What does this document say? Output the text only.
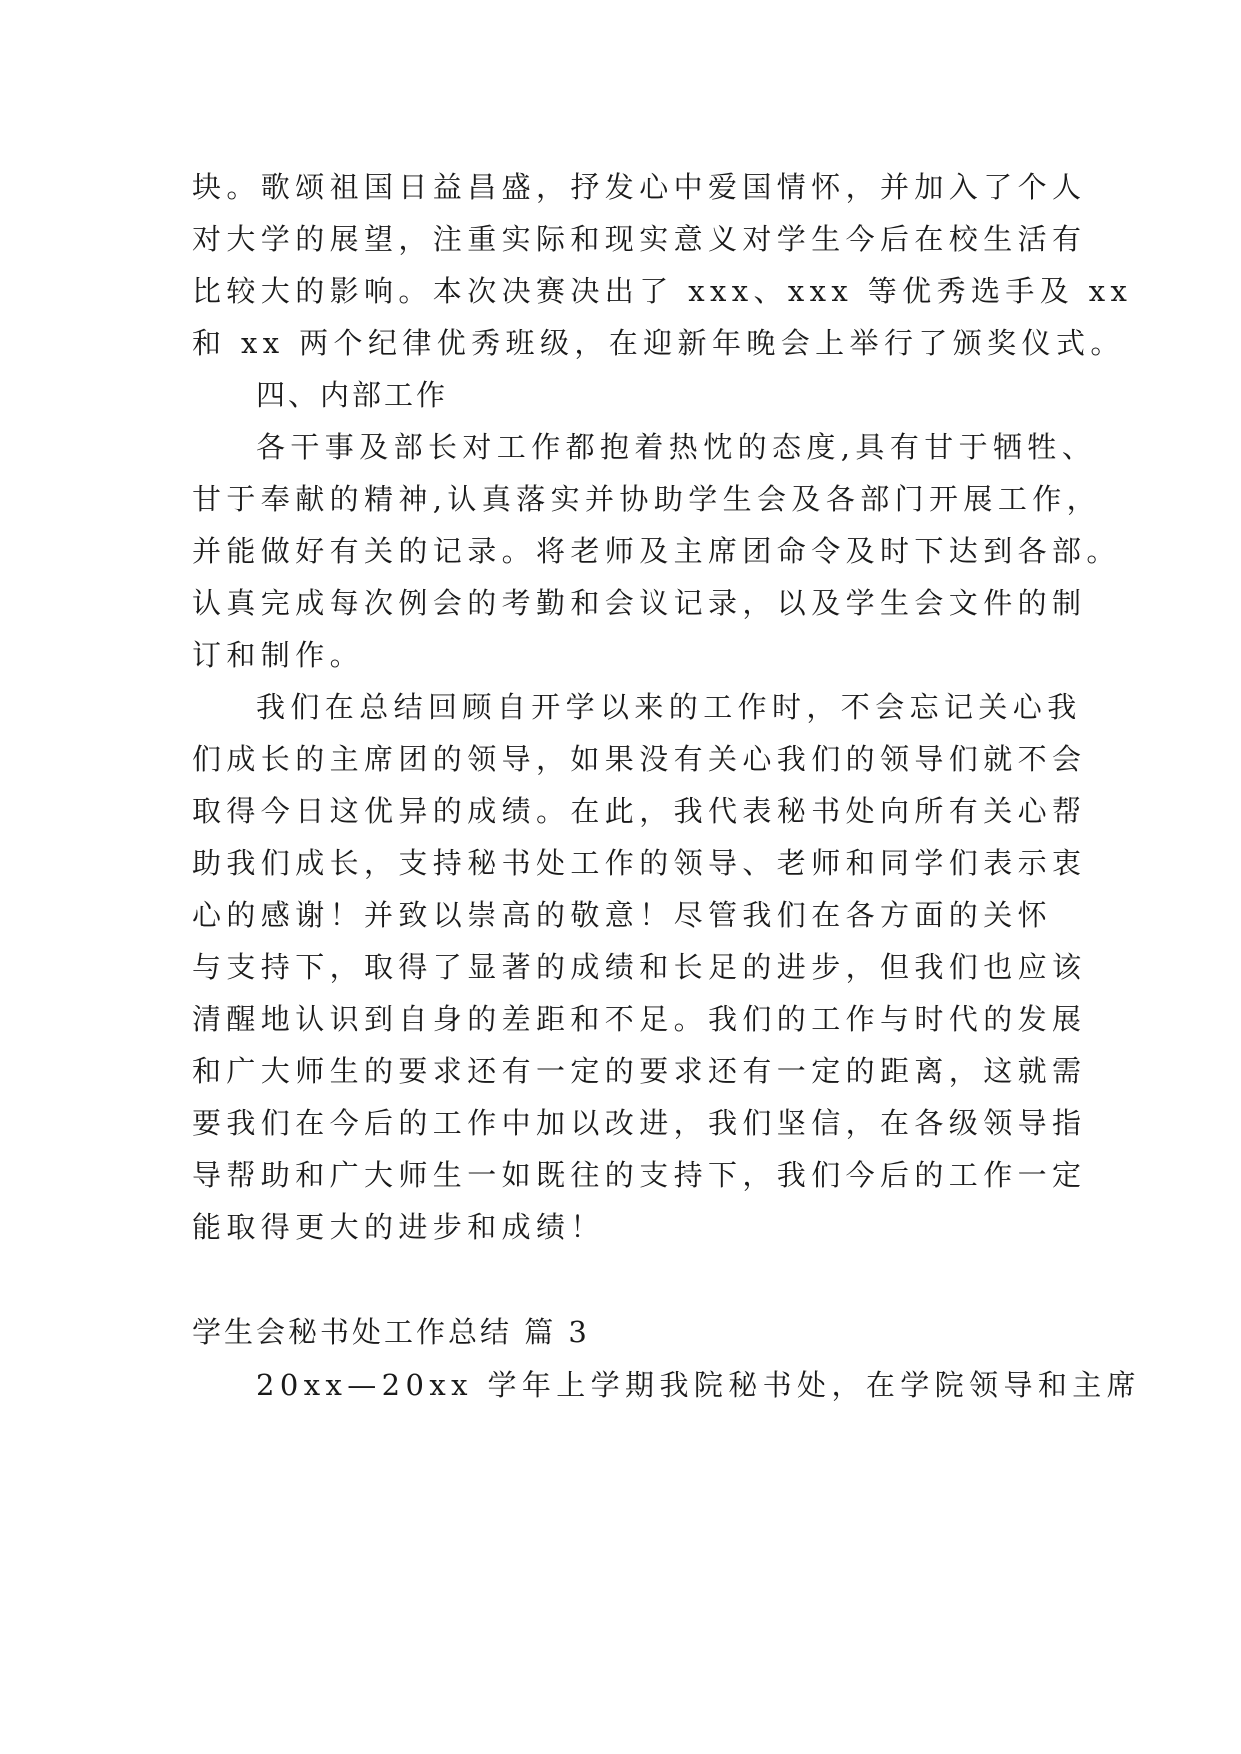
块。歌颂祖国日益昌盛，抒发心中爱国情怀，并加入了个人
对大学的展望，注重实际和现实意义对学生今后在校生活有
比较大的影响。本次决赛决出了 xxx、xxx 等优秀选手及 xx
和 xx 两个纪律优秀班级，在迎新年晚会上举行了颁奖仪式。
四、内部工作
各干事及部长对工作都抱着热忱的态度,具有甘于牺牲、
甘于奉献的精神,认真落实并协助学生会及各部门开展工作，
并能做好有关的记录。将老师及主席团命令及时下达到各部。
认真完成每次例会的考勤和会议记录，以及学生会文件的制
订和制作。
我们在总结回顾自开学以来的工作时，不会忘记关心我
们成长的主席团的领导，如果没有关心我们的领导们就不会
取得今日这优异的成绩。在此，我代表秘书处向所有关心帮
助我们成长，支持秘书处工作的领导、老师和同学们表示衷
心的感谢！并致以崇高的敬意！尽管我们在各方面的关怀
与支持下，取得了显著的成绩和长足的进步，但我们也应该
清醒地认识到自身的差距和不足。我们的工作与时代的发展
和广大师生的要求还有一定的要求还有一定的距离，这就需
要我们在今后的工作中加以改进，我们坚信，在各级领导指
导帮助和广大师生一如既往的支持下，我们今后的工作一定
能取得更大的进步和成绩！
学生会秘书处工作总结 篇 3
20xx—20xx 学年上学期我院秘书处，在学院领导和主席
